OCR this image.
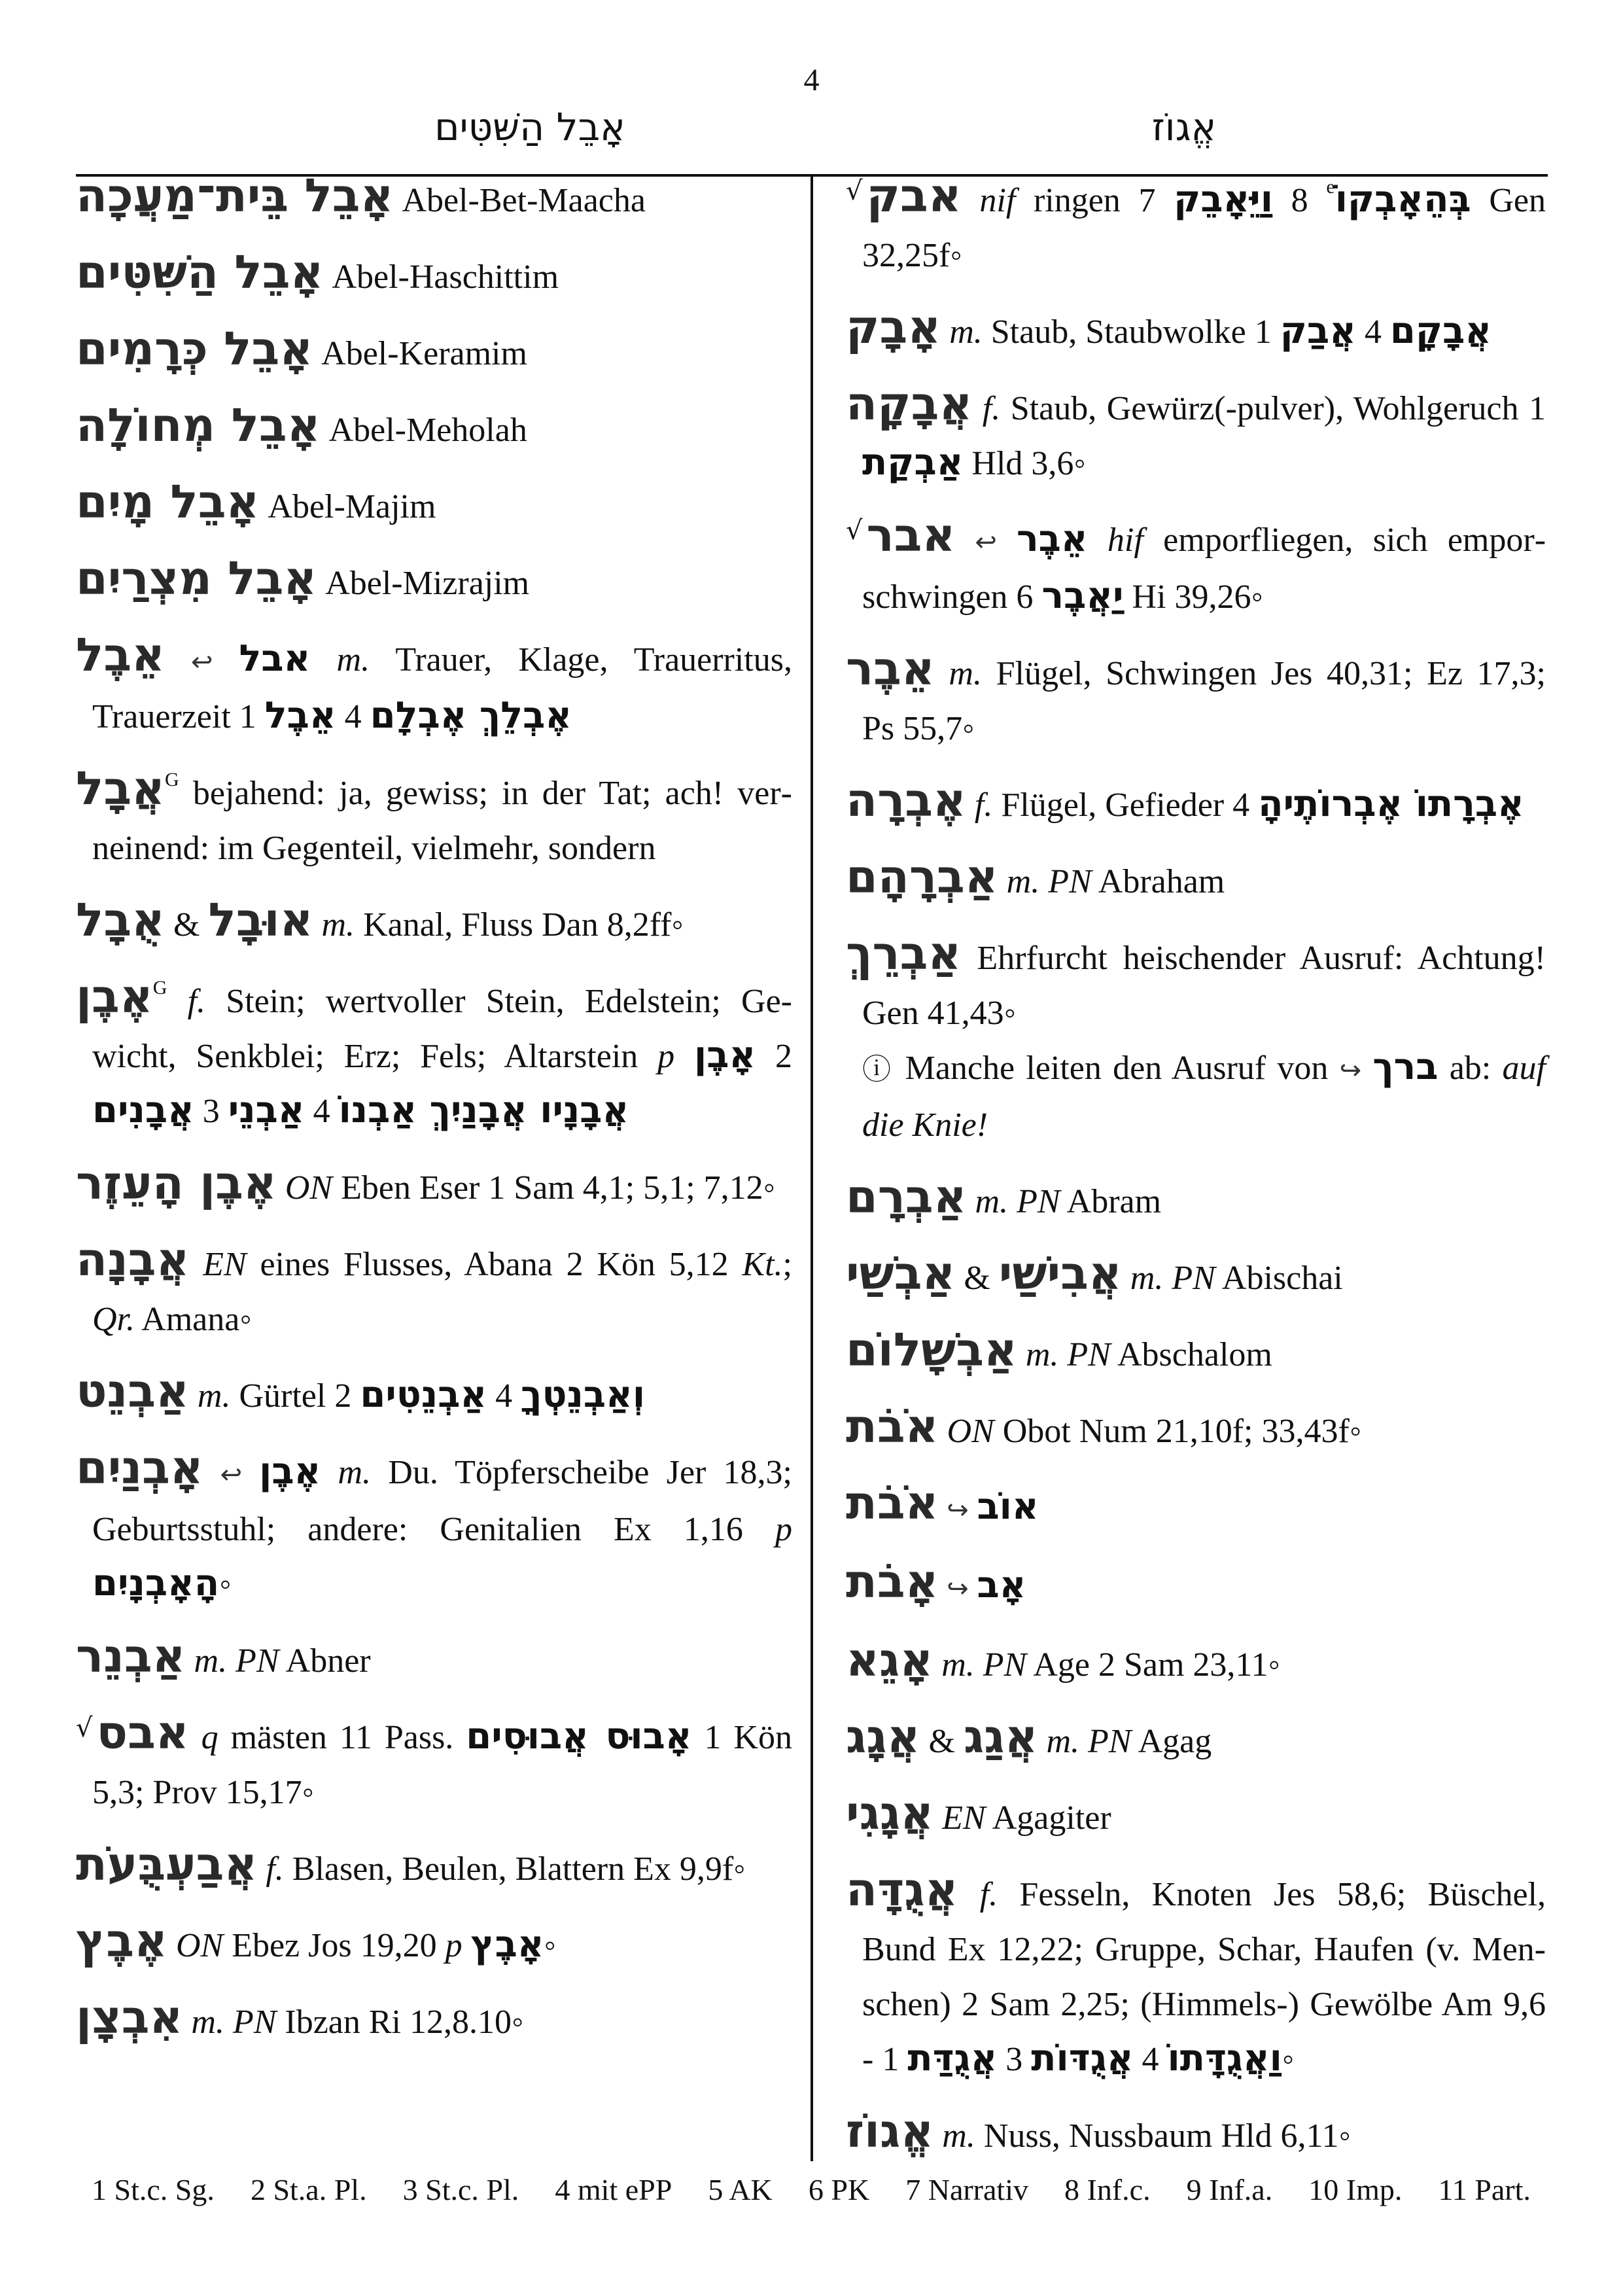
4
אָבֵל הַשִּׁטִּים	אֱגוֹז
אָבֵל בֵּית־מַעֲכָה Abel-Bet-Maacha
אָבֵל הַשִּׁטִּים Abel-Haschittim
אָבֵל כְּרָמִים Abel-Keramim
אָבֵל מְחוֹלָה Abel-Meholah
אָבֵל מָיִם Abel-Majim
אָבֵל מִצְרַיִם Abel-Mizrajim
אֵבֶל ↩ אבל m. Trauer, Klage, Trauerritus, Trauerzeit 1 אֵבֶל 4 אֶבְלֵךְ אֶבְלָם
אֲבָל$^G$ bejahend: ja, gewiss; in der Tat; ach! verneinend: im Gegenteil, vielmehr, sondern
אֻבָל & אוּבָל m. Kanal, Fluss Dan 8,2ff◦
אֶבֶן$^G$ f. Stein; wertvoller Stein, Edelstein; Gewicht, Senkblei; Erz; Fels; Altarstein p אָבֶן 2 אֲבָנִים 3 אַבְנֵי 4 אֲבָנָיו אֲבָנַיִךְ אַבְנוֹ
אֶבֶן הָעֵזֶר ON Eben Eser 1 Sam 4,1; 5,1; 7,12◦
אֲבָנָה EN eines Flusses, Abana 2 Kön 5,12 Kt.; Qr. Amana◦
אַבְנֵט m. Gürtel 2 אַבְנֵטִים 4 וְאַבְנֵטְךָ
אָבְנַיִם ↩ אֶבֶן m. Du. Töpferscheibe Jer 18,3; Geburtsstuhl; andere: Genitalien Ex 1,16 p הָאָבְנָיִם◦
אַבְנֵר m. PN Abner
√אבס q mästen 11 Pass. אָבוּס אֲבוּסִים 1 Kön 5,3; Prov 15,17◦
אֲבַעְבֻּעֹת f. Blasen, Beulen, Blattern Ex 9,9f◦
אֶבֶץ ON Ebez Jos 19,20 p אָבֶץ◦
אִבְצָן m. PN Ibzan Ri 12,8.10◦
√אבק nif ringen 7 וַיֵּאָבֵק 8 $^e$בְּהֵאָבְקוֹ Gen 32,25f◦
אָבָק m. Staub, Staubwolke 1 אֲבַק 4 אֲבָקָם
אֲבָקָה f. Staub, Gewürz(-pulver), Wohlgeruch 1 אַבְקַת Hld 3,6◦
√אבר ↩ אֵבֶר hif emporfliegen, sich emporschwingen 6 יַאֲבֶר Hi 39,26◦
אֵבֶר m. Flügel, Schwingen Jes 40,31; Ez 17,3; Ps 55,7◦
אֶבְרָה f. Flügel, Gefieder 4 אֶבְרָתוֹ אֶבְרוֹתֶיהָ
אַבְרָהָם m. PN Abraham
אַבְרֵךְ Ehrfurcht heischender Ausruf: Achtung! Gen 41,43◦
ⓘ Manche leiten den Ausruf von ↪ ברך ab: auf die Knie!
אַבְרָם m. PN Abram
אַבְשַׁי & אֲבִישַׁי m. PN Abischai
אַבְשָׁלוֹם m. PN Abschalom
אֹבֹת ON Obot Num 21,10f; 33,43f◦
אֹבֹת ↪ אוֹב
אָבֹת ↪ אָב
אָגֵא m. PN Age 2 Sam 23,11◦
אֲגָג & אֲגַג m. PN Agag
אֲגָגִי EN Agagiter
אֲגֻדָּה f. Fesseln, Knoten Jes 58,6; Büschel, Bund Ex 12,22; Gruppe, Schar, Haufen (v. Menschen) 2 Sam 2,25; (Himmels-) Gewölbe Am 9,6 - 1 אֲגֻדַּת 3 אֲגֻדּוֹת 4 וַאֲגֻדָּתוֹ◦
אֱגוֹז m. Nuss, Nussbaum Hld 6,11◦
1 St.c. Sg. 2 St.a. Pl. 3 St.c. Pl. 4 mit ePP 5 AK 6 PK 7 Narrativ 8 Inf.c. 9 Inf.a. 10 Imp. 11 Part.
